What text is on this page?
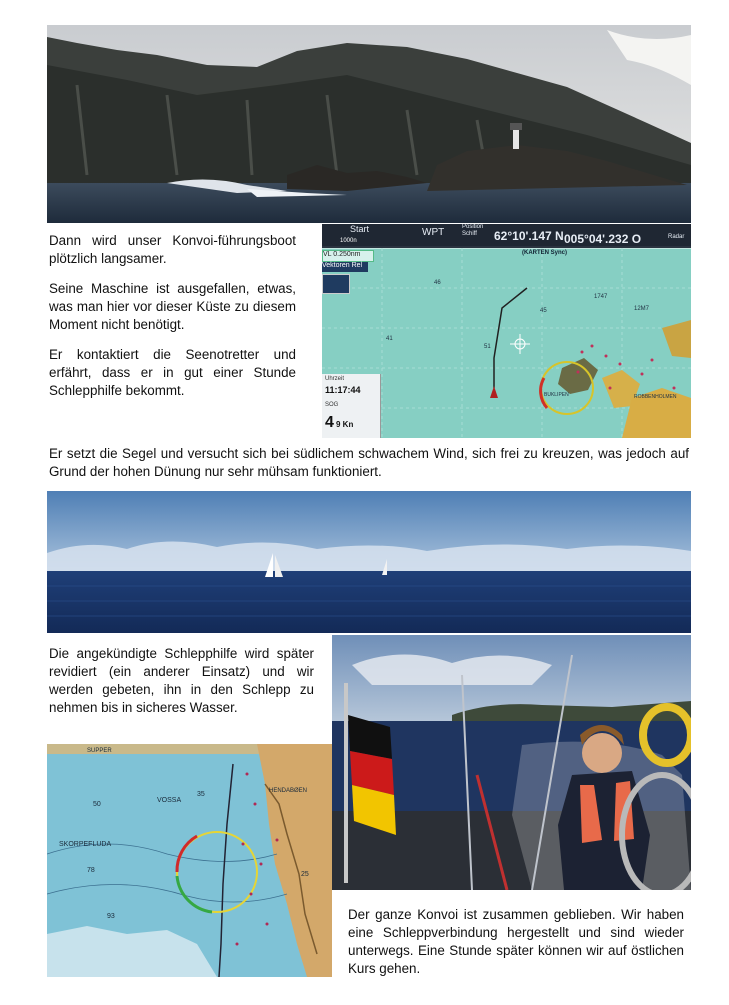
Dann wird unser Konvoi-führungsboot plötzlich langsamer.

Seine Maschine ist ausgefallen, etwas, was man hier vor dieser Küste zu diesem Moment nicht benötigt.

Er kontaktiert die Seenotretter und erfährt, dass er in gut einer Stunde Schlepphilfe bekommt.

Start	WPT	Position Schiff	62°10'.147 N 005°04'.232 O	Radar
1000n
46
45
41
51
1747
12M7
BUKLIPEN	ROBBENHOLMEN
(KARTEN Sync)
VL 0.250nm
Vektoren Rel
Uhrzeit
11:17:44
SOG
4 9 Kn

Er setzt die Segel und versucht sich bei südlichem schwachem Wind, sich frei zu kreuzen, was jedoch auf Grund der hohen Dünung nur sehr mühsam funktioniert.

Die angekündigte Schlepphilfe wird später revidiert (ein anderer Einsatz) und wir werden gebeten, ihn in den Schlepp zu nehmen bis in sicheres Wasser.

VOSSA
HENDABØEN
SKORPEFLUDA
SUPPER
35
50
78
93
25

Der ganze Konvoi ist zusammen geblieben. Wir haben eine Schleppverbindung hergestellt und sind wieder unterwegs. Eine Stunde später können wir auf östlichen Kurs gehen.
